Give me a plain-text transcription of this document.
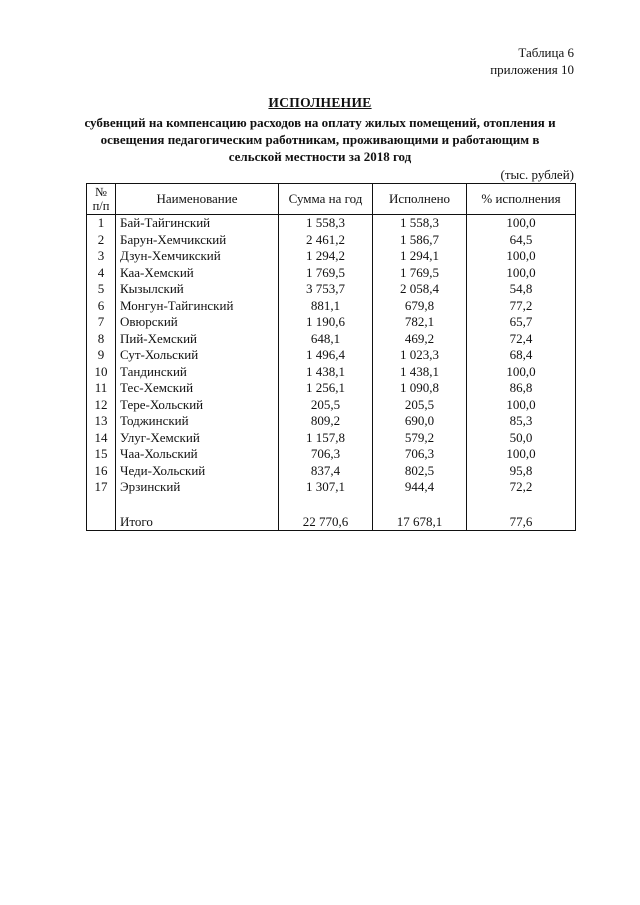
Таблица 6
приложения 10
ИСПОЛНЕНИЕ
субвенций на компенсацию расходов на оплату жилых помещений, отопления и
освещения педагогическим работникам, проживающими и работающим в
сельской местности за 2018 год
(тыс. рублей)
№
п/п	Наименование	Сумма на год	Исполнено	% исполнения
1	Бай-Тайгинский	1 558,3	1 558,3	100,0
2	Барун-Хемчикский	2 461,2	1 586,7	64,5
3	Дзун-Хемчикский	1 294,2	1 294,1	100,0
4	Каа-Хемский	1 769,5	1 769,5	100,0
5	Кызылский	3 753,7	2 058,4	54,8
6	Монгун-Тайгинский	881,1	679,8	77,2
7	Овюрский	1 190,6	782,1	65,7
8	Пий-Хемский	648,1	469,2	72,4
9	Сут-Хольский	1 496,4	1 023,3	68,4
10	Тандинский	1 438,1	1 438,1	100,0
11	Тес-Хемский	1 256,1	1 090,8	86,8
12	Тере-Хольский	205,5	205,5	100,0
13	Тоджинский	809,2	690,0	85,3
14	Улуг-Хемский	1 157,8	579,2	50,0
15	Чаа-Хольский	706,3	706,3	100,0
16	Чеди-Хольский	837,4	802,5	95,8
17	Эрзинский	1 307,1	944,4	72,2

	Итого	22 770,6	17 678,1	77,6
